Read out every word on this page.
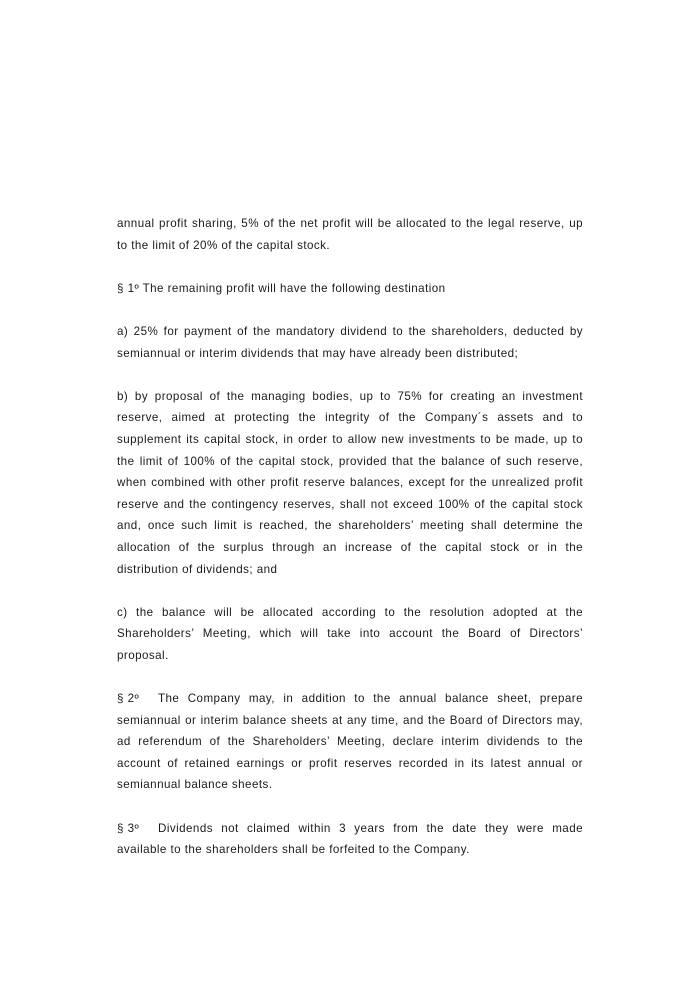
annual profit sharing, 5% of the net profit will be allocated to the legal reserve, up to the limit of 20% of the capital stock.

§ 1º The remaining profit will have the following destination

a) 25% for payment of the mandatory dividend to the shareholders, deducted by semiannual or interim dividends that may have already been distributed;

b) by proposal of the managing bodies, up to 75% for creating an investment reserve, aimed at protecting the integrity of the Company´s assets and to supplement its capital stock, in order to allow new investments to be made, up to the limit of 100% of the capital stock, provided that the balance of such reserve, when combined with other profit reserve balances, except for the unrealized profit reserve and the contingency reserves, shall not exceed 100% of the capital stock and, once such limit is reached, the shareholders’ meeting shall determine the allocation of the surplus through an increase of the capital stock or in the distribution of dividends; and

c) the balance will be allocated according to the resolution adopted at the Shareholders’ Meeting, which will take into account the Board of Directors’ proposal.

§ 2º The Company may, in addition to the annual balance sheet, prepare semiannual or interim balance sheets at any time, and the Board of Directors may, ad referendum of the Shareholders’ Meeting, declare interim dividends to the account of retained earnings or profit reserves recorded in its latest annual or semiannual balance sheets.

§ 3º Dividends not claimed within 3 years from the date they were made available to the shareholders shall be forfeited to the Company.
